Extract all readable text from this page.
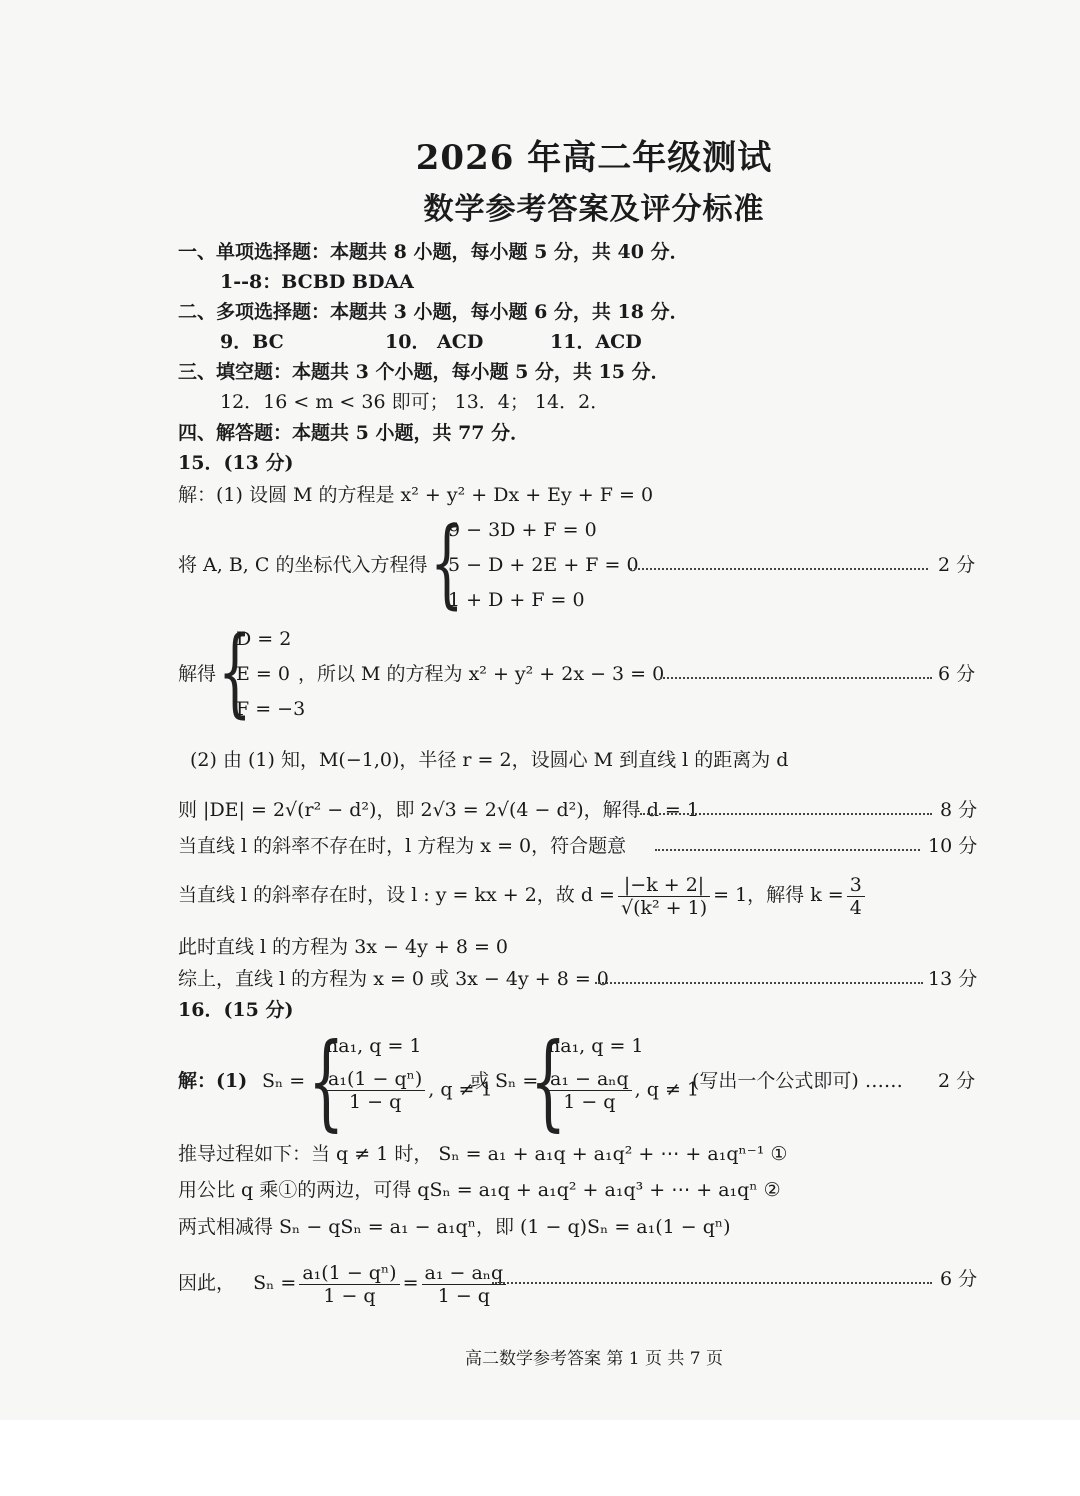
2026 年高二年级测试
数学参考答案及评分标准
一、单项选择题：本题共 8 小题，每小题 5 分，共 40 分．
1--8：BCBD BDAA
二、多项选择题：本题共 3 小题，每小题 6 分，共 18 分．
9．BC	10． ACD	11．ACD
三、填空题：本题共 3 个小题，每小题 5 分，共 15 分．
12．16 < m < 36 即可； 13．4； 14．2．
四、解答题：本题共 5 小题，共 77 分．
15．(13 分)
解：(1) 设圆 M 的方程是 x² + y² + Dx + Ey + F = 0
将 A, B, C 的坐标代入方程得 {
9 − 3D + F = 0
5 − D + 2E + F = 0
1 + D + F = 0
2 分
解得 {
D = 2
E = 0
F = −3
，所以 M 的方程为 x² + y² + 2x − 3 = 0	6 分
(2) 由 (1) 知，M(−1,0)，半径 r = 2，设圆心 M 到直线 l 的距离为 d
则 |DE| = 2√(r² − d²)，即 2√3 = 2√(4 − d²)，解得 d = 1	8 分
当直线 l 的斜率不存在时，l 方程为 x = 0，符合题意	10 分
当直线 l 的斜率存在时，设 l : y = kx + 2，故 $d = \frac{|-k + 2|}{\text{√(k² + 1)}} = 1$，解得 $k = \frac{3}{4}$
此时直线 l 的方程为 3x − 4y + 8 = 0
综上，直线 l 的方程为 x = 0 或 3x − 4y + 8 = 0	13 分
16．(15 分)
解：(1) Sₙ = {
na₁, q = 1
$\frac{\text{a₁(1 − qⁿ)}}{1 - q}$ , q ≠ 1
或 Sₙ =
{
na₁, q = 1
$\frac{\text{a₁ − aₙq}}{1 - q}$ , q ≠ 1
(写出一个公式即可) …… 2 分
推导过程如下：当 q ≠ 1 时， Sₙ = a₁ + a₁q + a₁q² + ⋯ + a₁qⁿ⁻¹ ①
用公比 q 乘①的两边，可得 qSₙ = a₁q + a₁q² + a₁q³ + ⋯ + a₁qⁿ ②
两式相减得 Sₙ − qSₙ = a₁ − a₁qⁿ，即 (1 − q)Sₙ = a₁(1 − qⁿ)
因此， $S_n = \frac{\text{a₁(1 − qⁿ)}}{1 - q} = \frac{\text{a₁ − aₙq}}{1 - q}$	6 分
高二数学参考答案 第 1 页 共 7 页
